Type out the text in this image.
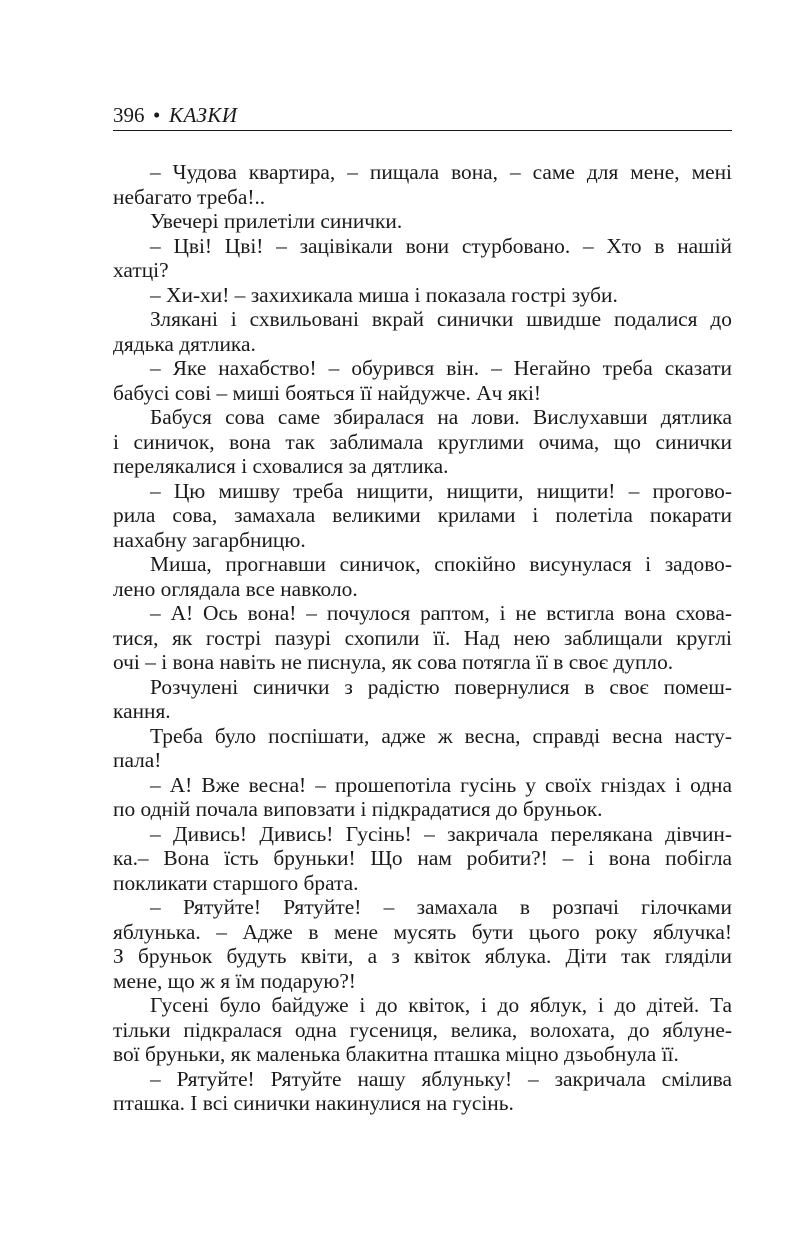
396 • КАЗКИ
– Чудова квартира, – пищала вона, – саме для мене, мені
небагато треба!..
Увечері прилетіли синички.
– Цві! Цві! – зацівікали вони стурбовано. – Хто в нашій
хатці?
– Хи-хи! – захихикала миша і показала гострі зуби.
Злякані і схвильовані вкрай синички швидше подалися до
дядька дятлика.
– Яке нахабство! – обурився він. – Негайно треба сказати
бабусі сові – миші бояться її найдужче. Ач які!
Бабуся сова саме збиралася на лови. Вислухавши дятлика
і синичок, вона так заблимала круглими очима, що синички
перелякалися і сховалися за дятлика.
– Цю мишву треба нищити, нищити, нищити! – прогово-
рила сова, замахала великими крилами і полетіла покарати
нахабну загарбницю.
Миша, прогнавши синичок, спокійно висунулася і задово-
лено оглядала все навколо.
– А! Ось вона! – почулося раптом, і не встигла вона схова-
тися, як гострі пазурі схопили її. Над нею заблищали круглі
очі – і вона навіть не писнула, як сова потягла її в своє дупло.
Розчулені синички з радістю повернулися в своє помеш-
кання.
Треба було поспішати, адже ж весна, справді весна насту-
пала!
– А! Вже весна! – прошепотіла гусінь у своїх гніздах і одна
по одній почала виповзати і підкрадатися до бруньок.
– Дивись! Дивись! Гусінь! – закричала перелякана дівчин-
ка.– Вона їсть бруньки! Що нам робити?! – і вона побігла
покликати старшого брата.
– Рятуйте! Рятуйте! – замахала в розпачі гілочками
яблунька. – Адже в мене мусять бути цього року яблучка!
З бруньок будуть квіти, а з квіток яблука. Діти так гляділи
мене, що ж я їм подарую?!
Гусені було байдуже і до квіток, і до яблук, і до дітей. Та
тільки підкралася одна гусениця, велика, волохата, до яблуне-
вої бруньки, як маленька блакитна пташка міцно дзьобнула її.
– Рятуйте! Рятуйте нашу яблуньку! – закричала смілива
пташка. І всі синички накинулися на гусінь.
